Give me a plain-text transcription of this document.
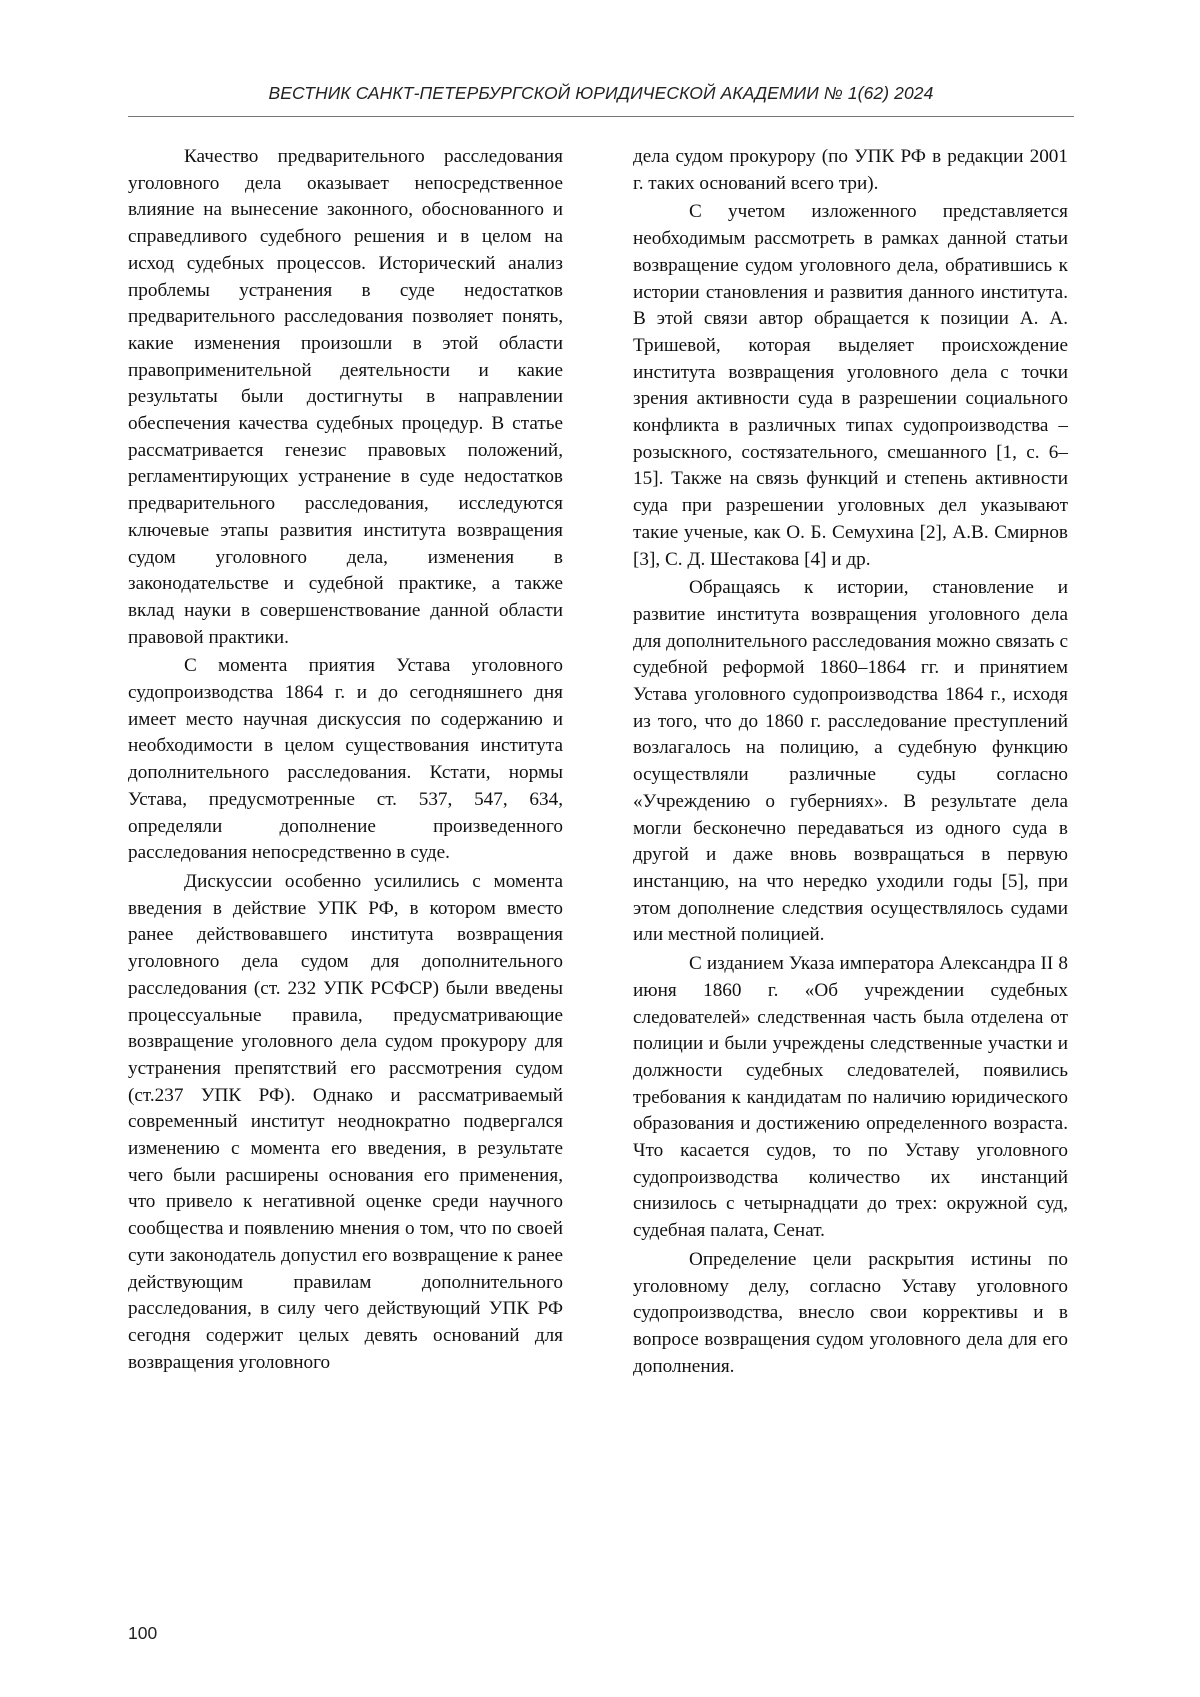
ВЕСТНИК САНКТ-ПЕТЕРБУРГСКОЙ ЮРИДИЧЕСКОЙ АКАДЕМИИ № 1(62) 2024

Качество предварительного расследования уголовного дела оказывает непосредственное влияние на вынесение законного, обоснованного и справедливого судебного решения и в целом на исход судебных процессов. Исторический анализ проблемы устранения в суде недостатков предварительного расследования позволяет понять, какие изменения произошли в этой области правоприменительной деятельности и какие результаты были достигнуты в направлении обеспечения качества судебных процедур. В статье рассматривается генезис правовых положений, регламентирующих устранение в суде недостатков предварительного расследования, исследуются ключевые этапы развития института возвращения судом уголовного дела, изменения в законодательстве и судебной практике, а также вклад науки в совершенствование данной области правовой практики.

С момента приятия Устава уголовного судопроизводства 1864 г. и до сегодняшнего дня имеет место научная дискуссия по содержанию и необходимости в целом существования института дополнительного расследования. Кстати, нормы Устава, предусмотренные ст. 537, 547, 634, определяли дополнение произведенного расследования непосредственно в суде.

Дискуссии особенно усилились с момента введения в действие УПК РФ, в котором вместо ранее действовавшего института возвращения уголовного дела судом для дополнительного расследования (ст. 232 УПК РСФСР) были введены процессуальные правила, предусматривающие возвращение уголовного дела судом прокурору для устранения препятствий его рассмотрения судом (ст.237 УПК РФ). Однако и рассматриваемый современный институт неоднократно подвергался изменению с момента его введения, в результате чего были расширены основания его применения, что привело к негативной оценке среди научного сообщества и появлению мнения о том, что по своей сути законодатель допустил его возвращение к ранее действующим правилам дополнительного расследования, в силу чего действующий УПК РФ сегодня содержит целых девять оснований для возвращения уголовного

дела судом прокурору (по УПК РФ в редакции 2001 г. таких оснований всего три).

С учетом изложенного представляется необходимым рассмотреть в рамках данной статьи возвращение судом уголовного дела, обратившись к истории становления и развития данного института. В этой связи автор обращается к позиции А. А. Тришевой, которая выделяет происхождение института возвращения уголовного дела с точки зрения активности суда в разрешении социального конфликта в различных типах судопроизводства – розыскного, состязательного, смешанного [1, с. 6–15]. Также на связь функций и степень активности суда при разрешении уголовных дел указывают такие ученые, как О. Б. Семухина [2], А.В. Смирнов [3], С. Д. Шестакова [4] и др.

Обращаясь к истории, становление и развитие института возвращения уголовного дела для дополнительного расследования можно связать с судебной реформой 1860–1864 гг. и принятием Устава уголовного судопроизводства 1864 г., исходя из того, что до 1860 г. расследование преступлений возлагалось на полицию, а судебную функцию осуществляли различные суды согласно «Учреждению о губерниях». В результате дела могли бесконечно передаваться из одного суда в другой и даже вновь возвращаться в первую инстанцию, на что нередко уходили годы [5], при этом дополнение следствия осуществлялось судами или местной полицией.

С изданием Указа императора Александра II 8 июня 1860 г. «Об учреждении судебных следователей» следственная часть была отделена от полиции и были учреждены следственные участки и должности судебных следователей, появились требования к кандидатам по наличию юридического образования и достижению определенного возраста. Что касается судов, то по Уставу уголовного судопроизводства количество их инстанций снизилось с четырнадцати до трех: окружной суд, судебная палата, Сенат.

Определение цели раскрытия истины по уголовному делу, согласно Уставу уголовного судопроизводства, внесло свои коррективы и в вопросе возвращения судом уголовного дела для его дополнения.

100
